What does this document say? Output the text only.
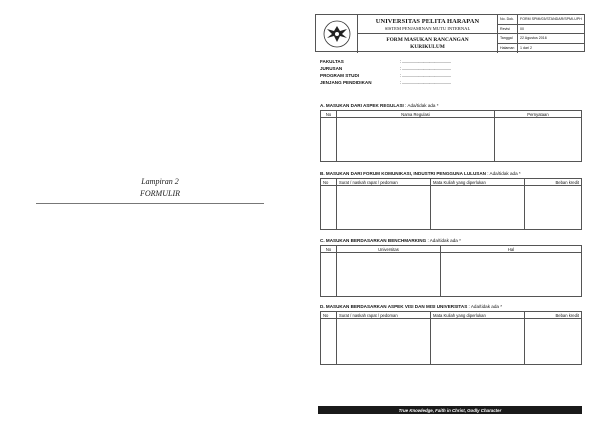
Lampiran 2
FORMULIR
UNIVERSITAS PELITA HARAPAN
SISTEM PENJAMINAN MUTU INTERNAL
FORM MASUKAN RANCANGAN
KURIKULUM
No. Dok.	FORM SPMI/03/STANDAR/SPMI-UPH
Revisi	00
Tanggal	22 Agustus 2016
Halaman	1 dari 2
FAKULTAS	: ..................................................
JURUSAN	: ..................................................
PROGRAM STUDI	: ..................................................
JENJANG PENDIDIKAN	: ..................................................
A. MASUKAN DARI ASPEK REGULASI : Ada/tidak ada *
No	Nama Regulasi	Pernyataan

B. MASUKAN DARI FORUM KOMUNIKASI, INDUSTRI PENGGUNA LULUSAN : Ada/tidak ada *
No	Surat / naskah rapat / pedoman	Mata Kuliah yang diperlukan	Beban kredit

C. MASUKAN BERDASARKAN BENCHMARKING : Ada/tidak ada *
No	Universitas	Hal

D. MASUKAN BERDASARKAN ASPEK VISI DAN MISI UNIVERSITAS : Ada/tidak ada *
No	Surat / naskah rapat / pedoman	Mata Kuliah yang diperlukan	Beban kredit

True Knowledge, Faith in Christ, Godly Character
